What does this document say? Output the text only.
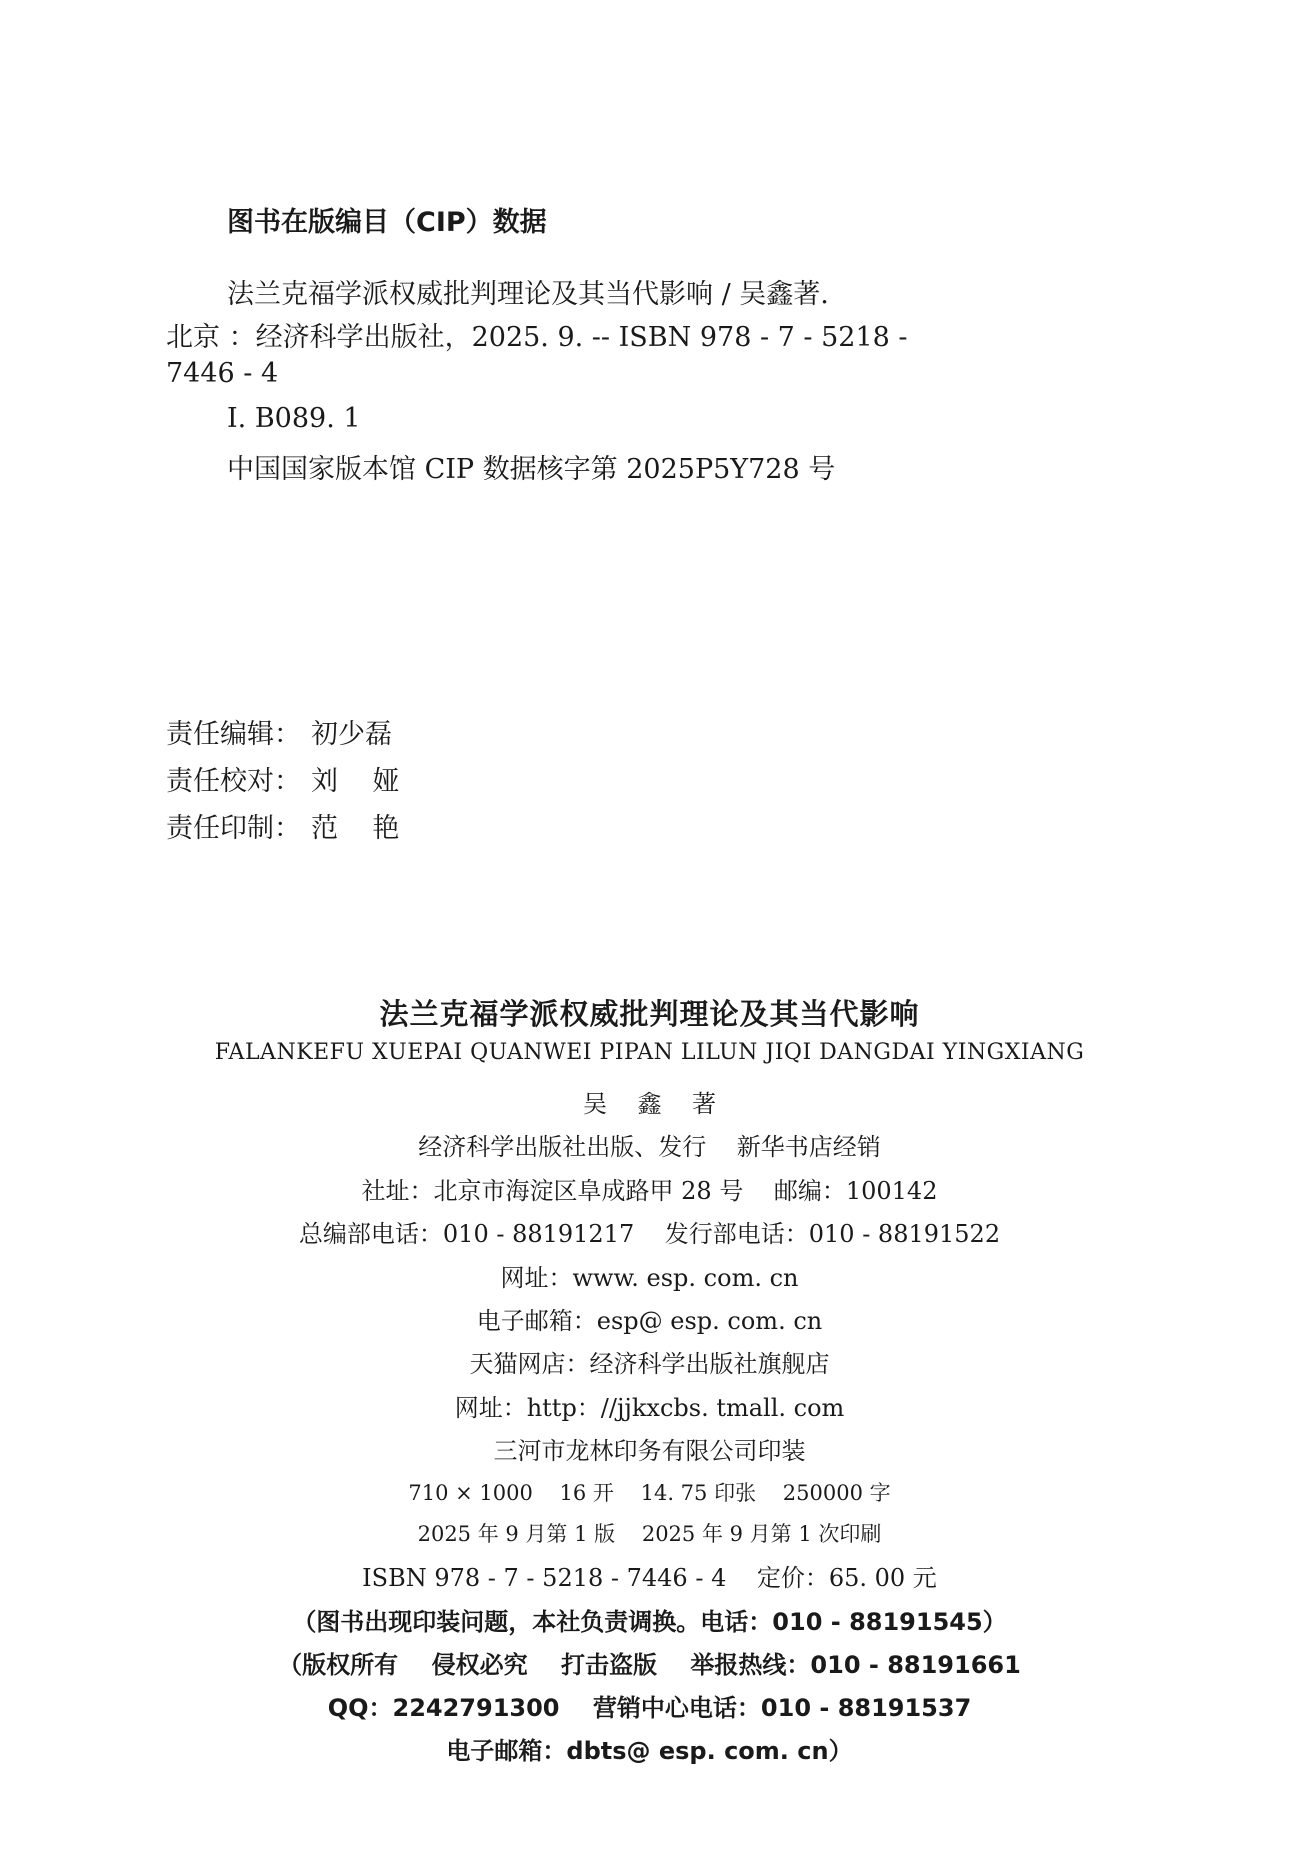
图书在版编目（CIP）数据
法兰克福学派权威批判理论及其当代影响 / 吴鑫著.
北京 ：经济科学出版社，2025. 9. -- ISBN 978 - 7 - 5218 -
7446 - 4
Ⅰ. B089. 1
中国国家版本馆 CIP 数据核字第 2025P5Y728 号
责任编辑： 初少磊
责任校对： 刘    娅
责任印制： 范    艳
法兰克福学派权威批判理论及其当代影响
FALANKEFU XUEPAI QUANWEI PIPAN LILUN JIQI DANGDAI YINGXIANG
吴    鑫    著
经济科学出版社出版、发行    新华书店经销
社址：北京市海淀区阜成路甲 28 号    邮编：100142
总编部电话：010 - 88191217    发行部电话：010 - 88191522
网址：www. esp. com. cn
电子邮箱：esp@ esp. com. cn
天猫网店：经济科学出版社旗舰店
网址：http：//jjkxcbs. tmall. com
三河市龙林印务有限公司印装
710 × 1000    16 开    14. 75 印张    250000 字
2025 年 9 月第 1 版    2025 年 9 月第 1 次印刷
ISBN 978 - 7 - 5218 - 7446 - 4    定价：65. 00 元
（图书出现印装问题，本社负责调换。电话：010 - 88191545）
（版权所有    侵权必究    打击盗版    举报热线：010 - 88191661
QQ：2242791300    营销中心电话：010 - 88191537
电子邮箱：dbts@ esp. com. cn）
